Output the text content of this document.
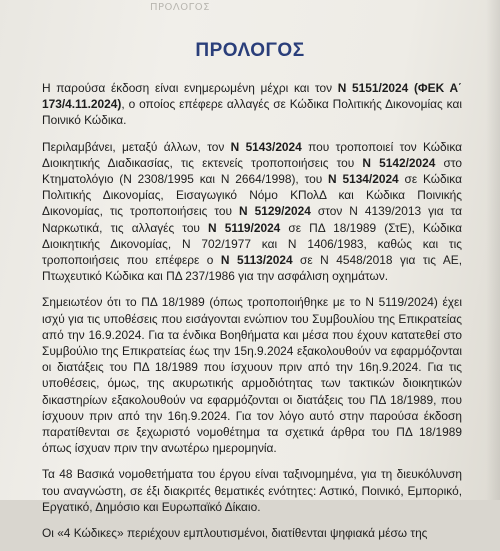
ΠΡΟΛΟΓΟΣ
ΠΡΟΛΟΓΟΣ

Η παρούσα έκδοση είναι ενημερωμένη μέχρι και τον Ν 5151/2024 (ΦΕΚ Α΄ 173/4.11.2024), ο οποίος επέφερε αλλαγές σε Κώδικα Πολιτικής Δικονομίας και Ποινικό Κώδικα.

Περιλαμβάνει, μεταξύ άλλων, τον Ν 5143/2024 που τροποποιεί τον Κώδικα Διοικητικής Διαδικασίας, τις εκτενείς τροποποιήσεις του Ν 5142/2024 στο Κτηματολόγιο (Ν 2308/1995 και Ν 2664/1998), του Ν 5134/2024 σε Κώδικα Πολιτικής Δικονομίας, Εισαγωγικό Νόμο ΚΠολΔ και Κώδικα Ποινικής Δικονομίας, τις τροποποιήσεις του Ν 5129/2024 στον Ν 4139/2013 για τα Ναρκωτικά, τις αλλαγές του Ν 5119/2024 σε ΠΔ 18/1989 (ΣτΕ), Κώδικα Διοικητικής Δικονομίας, Ν 702/1977 και Ν 1406/1983, καθώς και τις τροποποιήσεις που επέφερε ο Ν 5113/2024 σε Ν 4548/2018 για τις ΑΕ, Πτωχευτικό Κώδικα και ΠΔ 237/1986 για την ασφάλιση οχημάτων.

Σημειωτέον ότι το ΠΔ 18/1989 (όπως τροποποιήθηκε με το Ν 5119/2024) έχει ισχύ για τις υποθέσεις που εισάγονται ενώπιον του Συμβουλίου της Επικρατείας από την 16.9.2024. Για τα ένδικα Βοηθήματα και μέσα που έχουν κατατεθεί στο Συμβούλιο της Επικρατείας έως την 15η.9.2024 εξακολουθούν να εφαρμόζονται οι διατάξεις του ΠΔ 18/1989 που ίσχυουν πριν από την 16η.9.2024. Για τις υποθέσεις, όμως, της ακυρωτικής αρμοδιότητας των τακτικών διοικητικών δικαστηρίων εξακολουθούν να εφαρμόζονται οι διατάξεις του ΠΔ 18/1989, που ίσχυουν πριν από την 16η.9.2024. Για τον λόγο αυτό στην παρούσα έκδοση παρατίθενται σε ξεχωριστό νομοθέτημα τα σχετικά άρθρα του ΠΔ 18/1989 όπως ίσχυαν πριν την ανωτέρω ημερομηνία.

Τα 48 Βασικά νομοθετήματα του έργου είναι ταξινομημένα, για τη διευκόλυνση του αναγνώστη, σε έξι διακριτές θεματικές ενότητες: Αστικό, Ποινικό, Εμπορικό, Εργατικό, Δημόσιο και Ευρωπαϊκό Δίκαιο.

Οι «4 Κώδικες» περιέχουν εμπλουτισμένοι, διατίθενται ψηφιακά μέσω της
